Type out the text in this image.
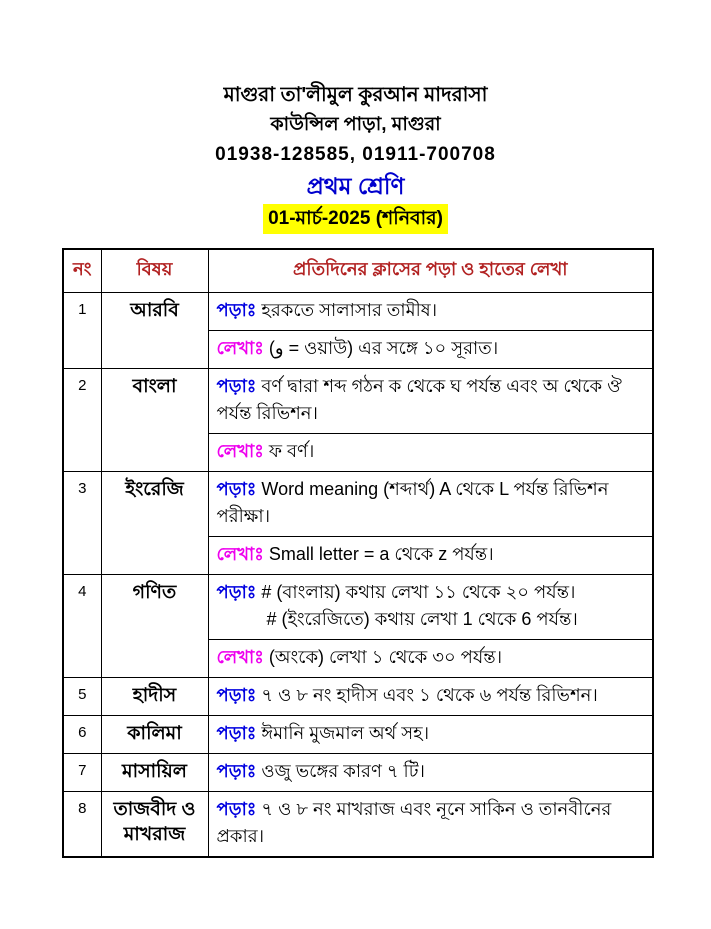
মাগুরা তা'লীমুল কুরআন মাদরাসা
কাউন্সিল পাড়া, মাগুরা
01938-128585, 01911-700708
প্রথম শ্রেণি
01-মার্চ-2025 (শনিবার)
নং	বিষয়	প্রতিদিনের ক্লাসের পড়া ও হাতের লেখা
1	আরবি	পড়াঃ হরকতে সালাসার তামীষ।
লেখাঃ (و = ওয়াউ) এর সঙ্গে ১০ সূরাত।

2	বাংলা	পড়াঃ বর্ণ দ্বারা শব্দ গঠন ক থেকে ঘ পর্যন্ত এবং অ থেকে ঔ পর্যন্ত রিভিশন।
লেখাঃ ফ বর্ণ।

3	ইংরেজি	পড়াঃ Word meaning (শব্দার্থ) A থেকে L পর্যন্ত রিভিশন পরীক্ষা।
লেখাঃ Small letter = a থেকে z পর্যন্ত।

4	গণিত	পড়াঃ # (বাংলায়) কথায় লেখা ১১ থেকে ২০ পর্যন্ত।
# (ইংরেজিতে) কথায় লেখা 1 থেকে 6 পর্যন্ত।
লেখাঃ (অংকে) লেখা ১ থেকে ৩০ পর্যন্ত।

5	হাদীস	পড়াঃ ৭ ও ৮ নং হাদীস এবং ১ থেকে ৬ পর্যন্ত রিভিশন।

6	কালিমা	পড়াঃ ঈমানি মুজমাল অর্থ সহ।

7	মাসায়িল	পড়াঃ ওজু ভঙ্গের কারণ ৭ টি।

8	তাজবীদ ও মাখরাজ	পড়াঃ ৭ ও ৮ নং মাখরাজ এবং নূনে সাকিন ও তানবীনের প্রকার।
